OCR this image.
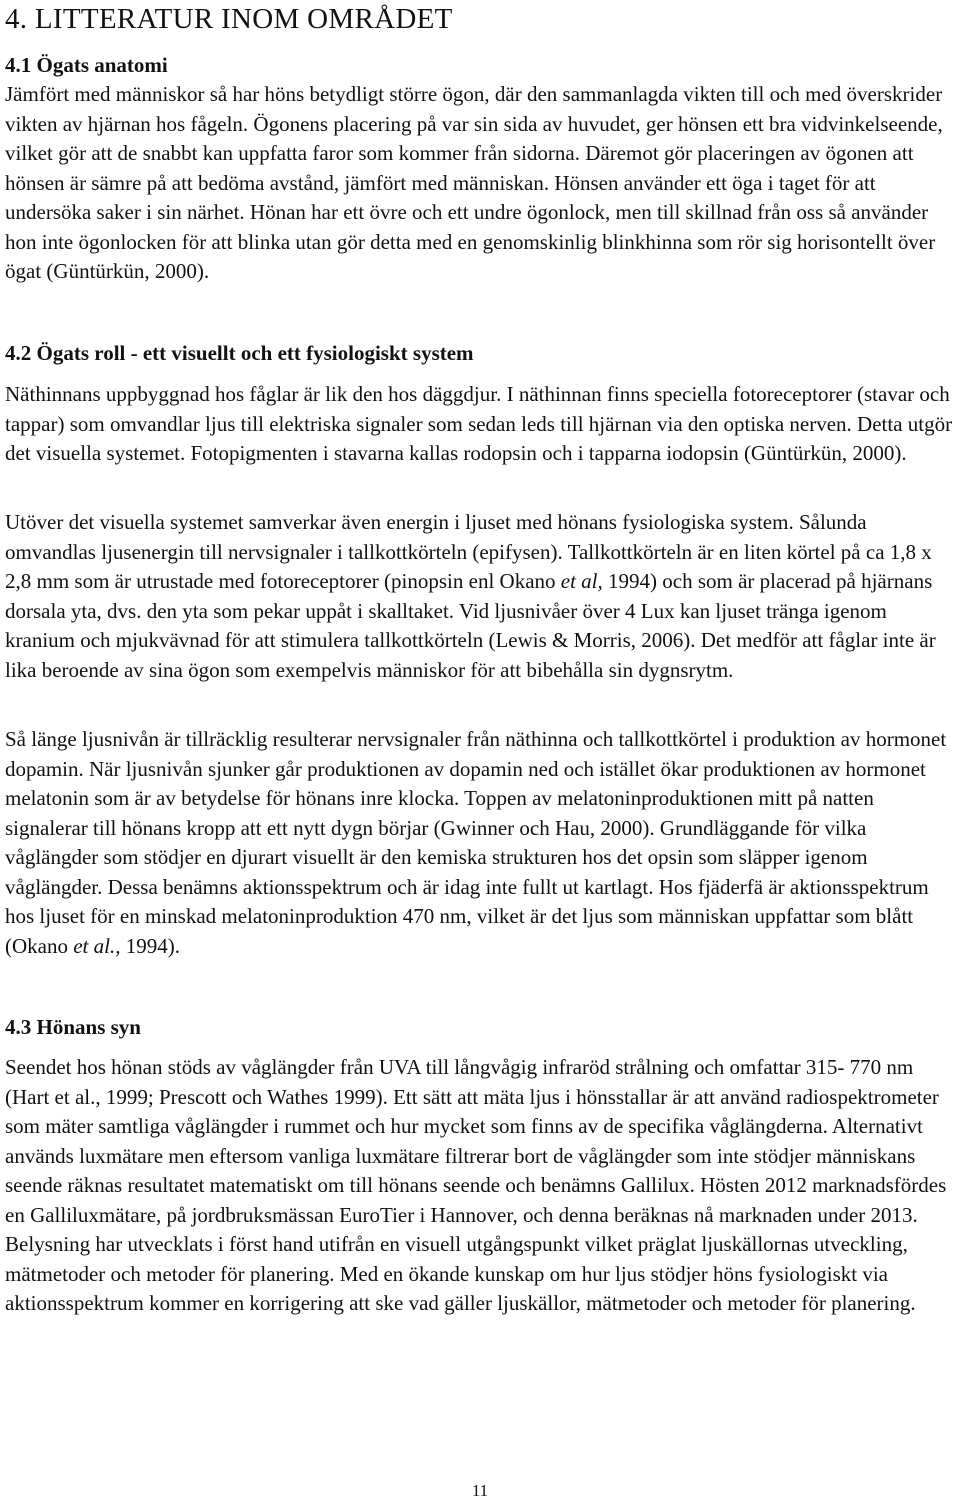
4. LITTERATUR INOM OMRÅDET
4.1 Ögats anatomi

Jämfört med människor så har höns betydligt större ögon, där den sammanlagda vikten till och med överskrider vikten av hjärnan hos fågeln. Ögonens placering på var sin sida av huvudet, ger hönsen ett bra vidvinkelseende, vilket gör att de snabbt kan uppfatta faror som kommer från sidorna. Däremot gör placeringen av ögonen att hönsen är sämre på att bedöma avstånd, jämfört med människan. Hönsen använder ett öga i taget för att undersöka saker i sin närhet. Hönan har ett övre och ett undre ögonlock, men till skillnad från oss så använder hon inte ögonlocken för att blinka utan gör detta med en genomskinlig blinkhinna som rör sig horisontellt över ögat (Güntürkün, 2000).

4.2 Ögats roll - ett visuellt och ett fysiologiskt system

Näthinnans uppbyggnad hos fåglar är lik den hos däggdjur. I näthinnan finns speciella fotoreceptorer (stavar och tappar) som omvandlar ljus till elektriska signaler som sedan leds till hjärnan via den optiska nerven. Detta utgör det visuella systemet. Fotopigmenten i stavarna kallas rodopsin och i tapparna iodopsin (Güntürkün, 2000).

Utöver det visuella systemet samverkar även energin i ljuset med hönans fysiologiska system. Sålunda omvandlas ljusenergin till nervsignaler i tallkottkörteln (epifysen). Tallkottkörteln är en liten körtel på ca 1,8 x 2,8 mm som är utrustade med fotoreceptorer (pinopsin enl Okano et al, 1994) och som är placerad på hjärnans dorsala yta, dvs. den yta som pekar uppåt i skalltaket. Vid ljusnivåer över 4 Lux kan ljuset tränga igenom kranium och mjukvävnad för att stimulera tallkottkörteln (Lewis & Morris, 2006). Det medför att fåglar inte är lika beroende av sina ögon som exempelvis människor för att bibehålla sin dygnsrytm.

Så länge ljusnivån är tillräcklig resulterar nervsignaler från näthinna och tallkottkörtel i produktion av hormonet dopamin. När ljusnivån sjunker går produktionen av dopamin ned och istället ökar produktionen av hormonet melatonin som är av betydelse för hönans inre klocka. Toppen av melatoninproduktionen mitt på natten signalerar till hönans kropp att ett nytt dygn börjar (Gwinner och Hau, 2000). Grundläggande för vilka våglängder som stödjer en djurart visuellt är den kemiska strukturen hos det opsin som släpper igenom våglängder. Dessa benämns aktionsspektrum och är idag inte fullt ut kartlagt. Hos fjäderfä är aktionsspektrum hos ljuset för en minskad melatoninproduktion 470 nm, vilket är det ljus som människan uppfattar som blått (Okano et al., 1994).

4.3 Hönans syn

Seendet hos hönan stöds av våglängder från UVA till långvågig infraröd strålning och omfattar 315- 770 nm (Hart et al., 1999; Prescott och Wathes 1999). Ett sätt att mäta ljus i hönsstallar är att använd radiospektrometer som mäter samtliga våglängder i rummet och hur mycket som finns av de specifika våglängderna. Alternativt används luxmätare men eftersom vanliga luxmätare filtrerar bort de våglängder som inte stödjer människans seende räknas resultatet matematiskt om till hönans seende och benämns Gallilux. Hösten 2012 marknadsfördes en Galliluxmätare, på jordbruksmässan EuroTier i Hannover, och denna beräknas nå marknaden under 2013. Belysning har utvecklats i först hand utifrån en visuell utgångspunkt vilket präglat ljuskällornas utveckling, mätmetoder och metoder för planering. Med en ökande kunskap om hur ljus stödjer höns fysiologiskt via aktionsspektrum kommer en korrigering att ske vad gäller ljuskällor, mätmetoder och metoder för planering.

11
